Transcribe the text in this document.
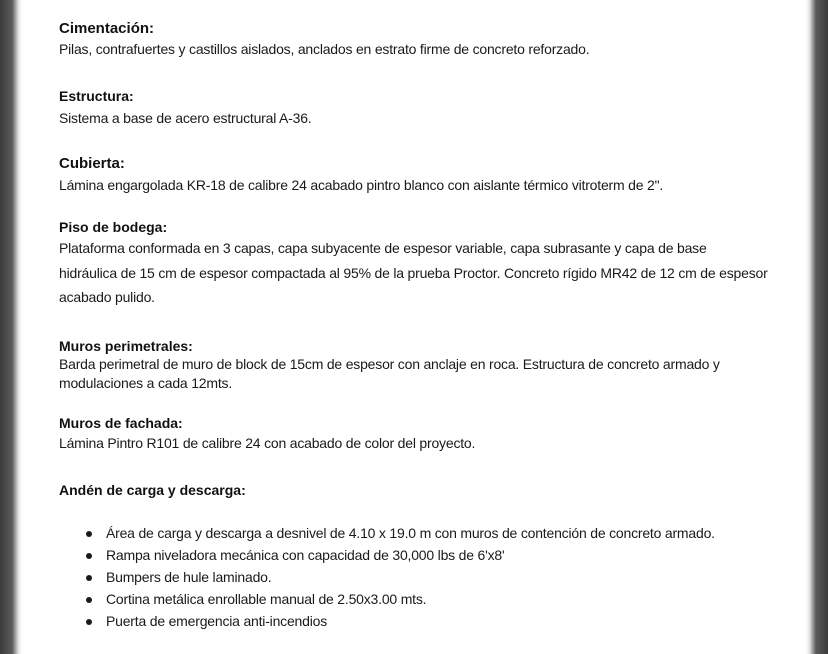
Cimentación:
Pilas, contrafuertes y castillos aislados, anclados en estrato firme de concreto reforzado.
Estructura:
Sistema a base de acero estructural A-36.
Cubierta:
Lámina engargolada KR-18 de calibre 24 acabado pintro blanco con aislante térmico vitroterm de 2".
Piso de bodega:
Plataforma conformada en 3 capas, capa subyacente de espesor variable, capa subrasante y capa de base
hidráulica de 15 cm de espesor compactada al 95% de la prueba Proctor. Concreto rígido MR42 de 12 cm de espesor
acabado pulido.
Muros perimetrales:
Barda perimetral de muro de block de 15cm de espesor con anclaje en roca. Estructura de concreto armado y
modulaciones a cada 12mts.
Muros de fachada:
Lámina Pintro R101 de calibre 24 con acabado de color del proyecto.
Andén de carga y descarga:
Área de carga y descarga a desnivel de 4.10 x 19.0 m con muros de contención de concreto armado.
Rampa niveladora mecánica con capacidad de 30,000 lbs de 6'x8'
Bumpers de hule laminado.
Cortina metálica enrollable manual de 2.50x3.00 mts.
Puerta de emergencia anti-incendios
